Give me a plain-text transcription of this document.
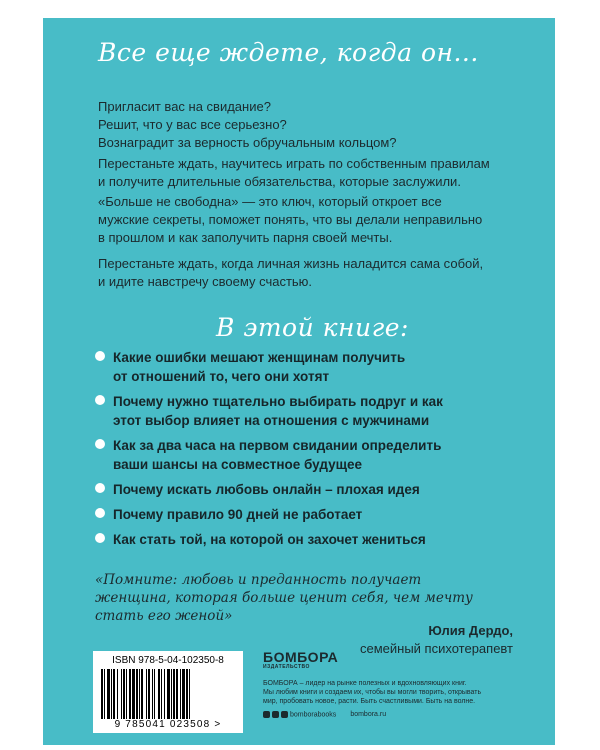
Все еще ждете, когда он...
Пригласит вас на свидание?
Решит, что у вас все серьезно?
Вознаградит за верность обручальным кольцом?
Перестаньте ждать, научитесь играть по собственным правилам
и получите длительные обязательства, которые заслужили.
«Больше не свободна» — это ключ, который откроет все
мужские секреты, поможет понять, что вы делали неправильно
в прошлом и как заполучить парня своей мечты.
Перестаньте ждать, когда личная жизнь наладится сама собой,
и идите навстречу своему счастью.
В этой книге:
Какие ошибки мешают женщинам получить
от отношений то, чего они хотят
Почему нужно тщательно выбирать подруг и как
этот выбор влияет на отношения с мужчинами
Как за два часа на первом свидании определить
ваши шансы на совместное будущее
Почему искать любовь онлайн – плохая идея
Почему правило 90 дней не работает
Как стать той, на которой он захочет жениться
«Помните: любовь и преданность получает
женщина, которая больше ценит себя, чем мечту
стать его женой»
Юлия Дердо,
семейный психотерапевт
ISBN 978-5-04-102350-8
9 785041 023508 >
БОМБОРА
ИЗДАТЕЛЬСТВО
БОМБОРА – лидер на рынке полезных и вдохновляющих книг.
Мы любим книги и создаем их, чтобы вы могли творить, открывать
мир, пробовать новое, расти. Быть счастливыми. Быть на волне.
bomborabooks bombora.ru
